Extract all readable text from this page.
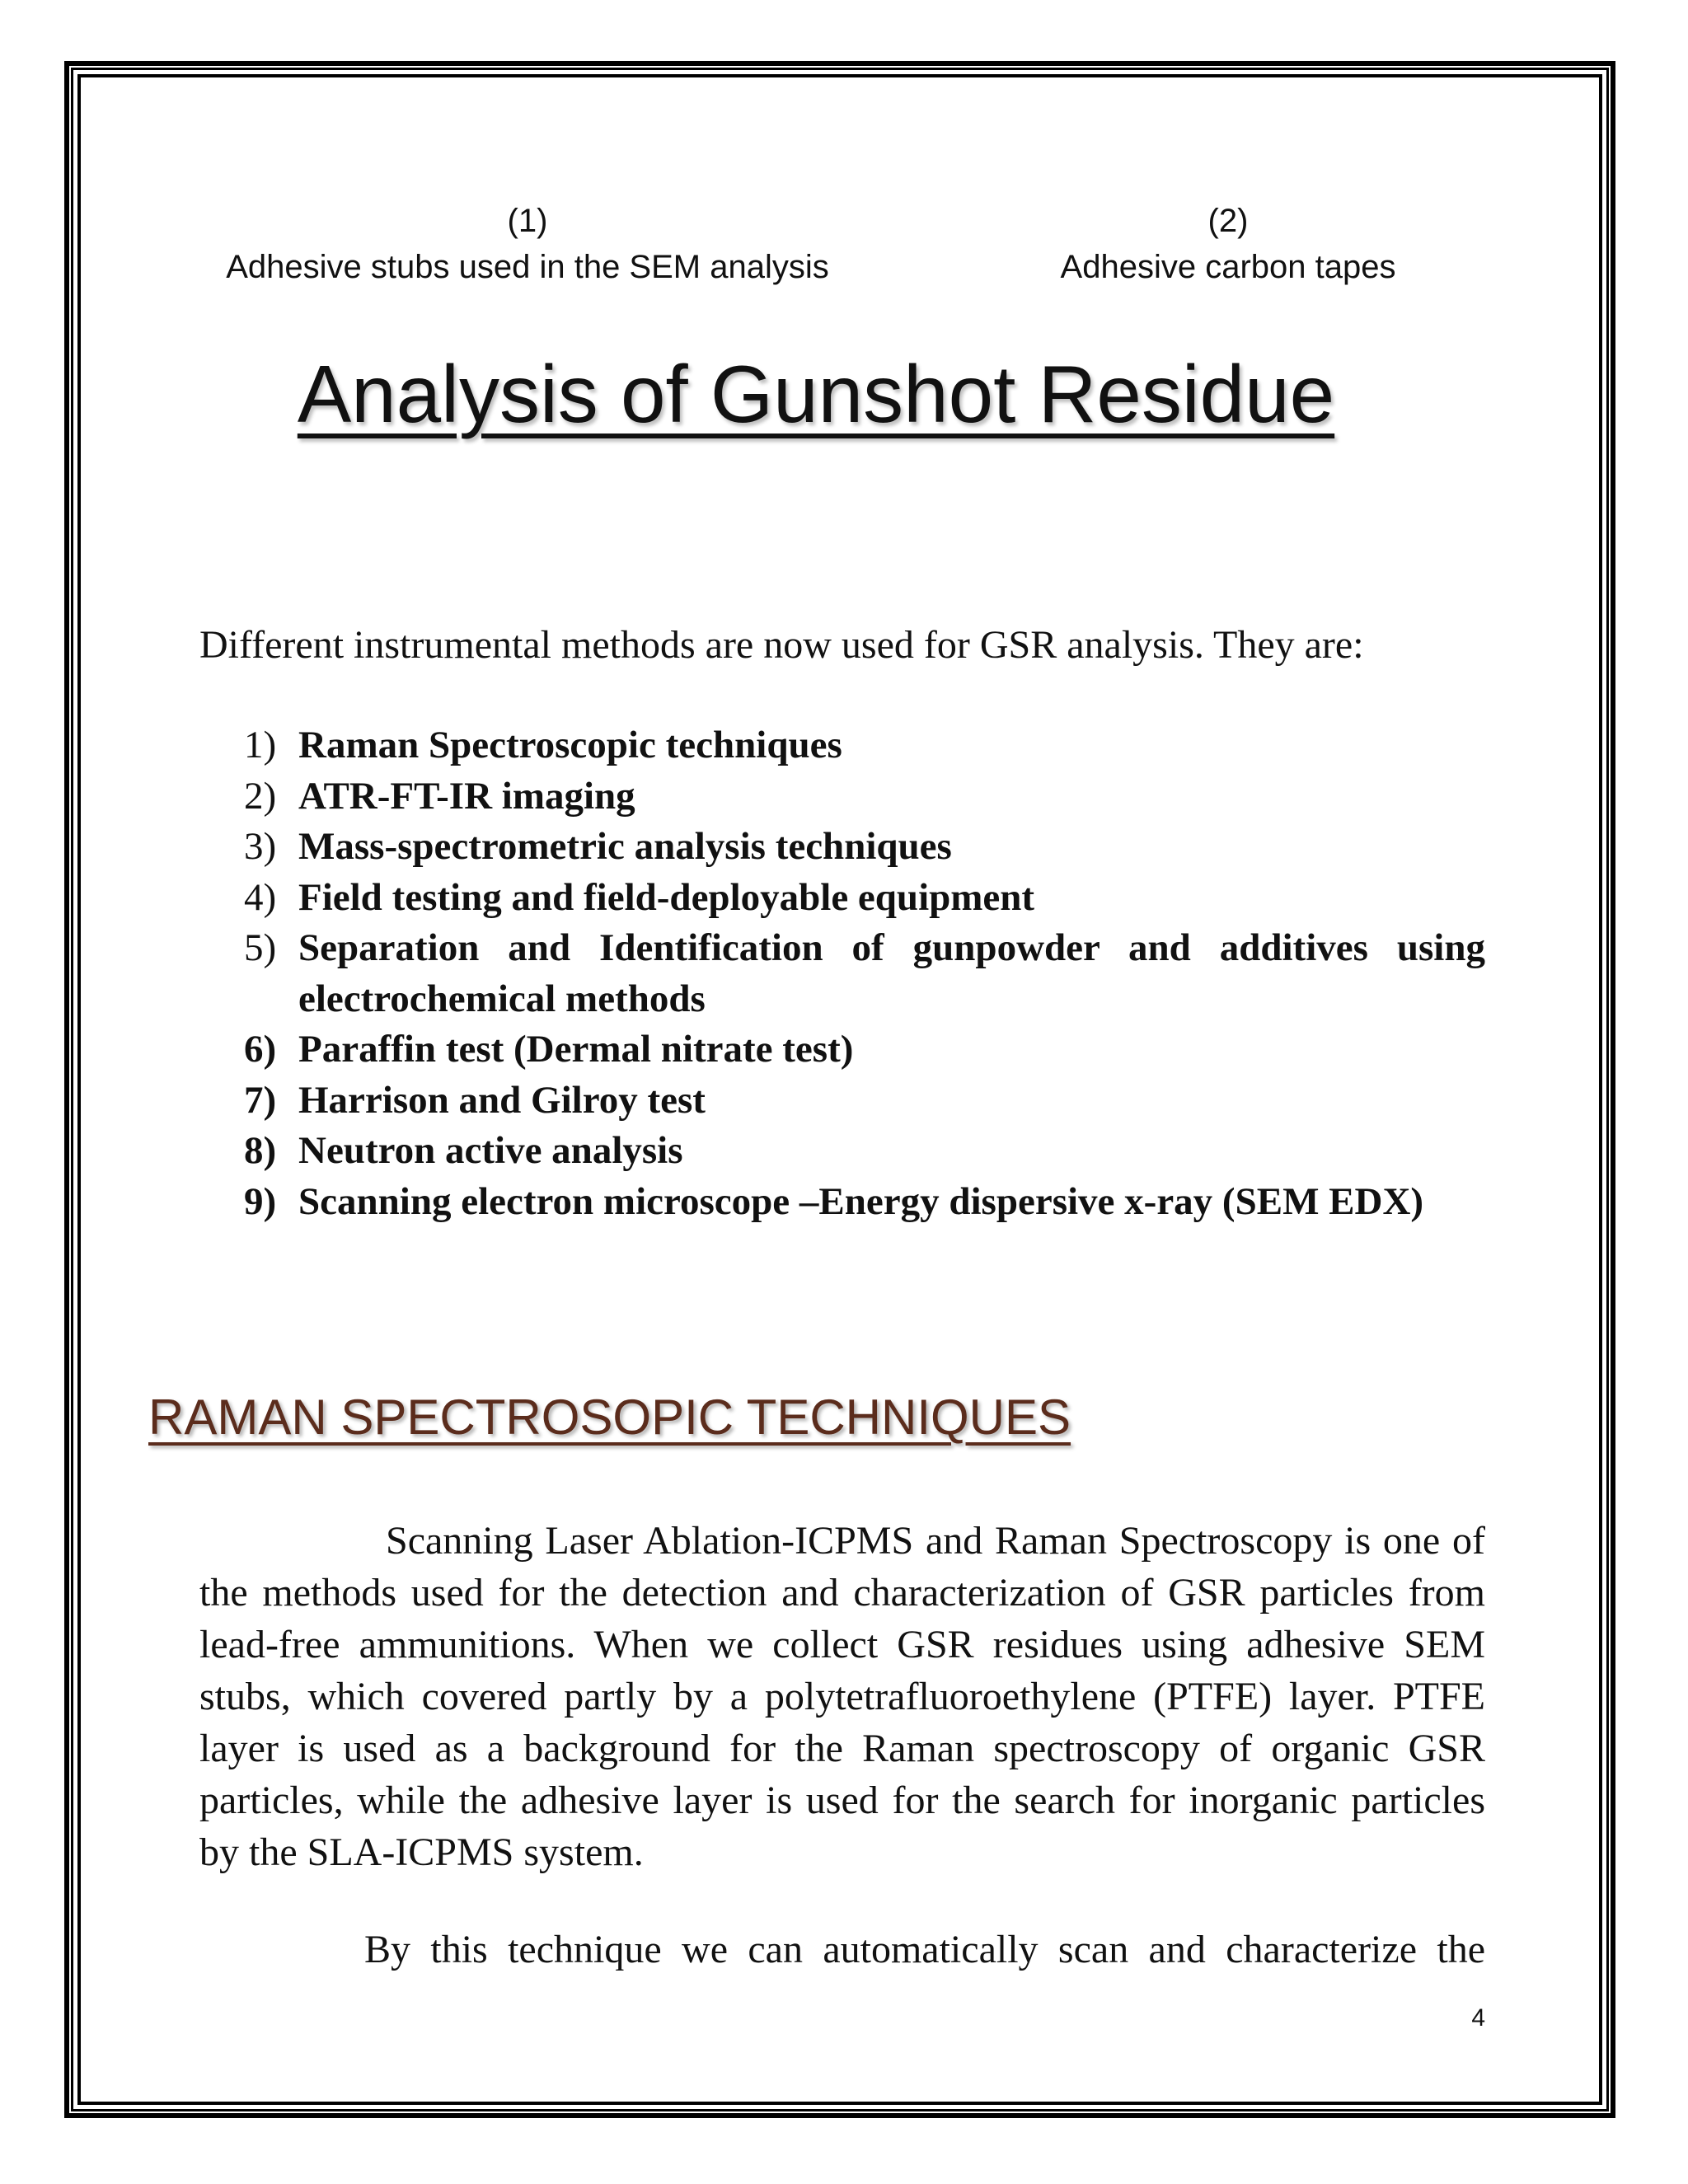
(1)
Adhesive stubs used in the SEM analysis
(2)
Adhesive carbon tapes
Analysis of Gunshot Residue

Different instrumental methods are now used for GSR analysis. They are:

1) Raman Spectroscopic techniques
2) ATR-FT-IR imaging
3) Mass-spectrometric analysis techniques
4) Field testing and field-deployable equipment
5) Separation and Identification of gunpowder and additives using electrochemical methods
6) Paraffin test (Dermal nitrate test)
7) Harrison and Gilroy test
8) Neutron active analysis
9) Scanning electron microscope –Energy dispersive x-ray (SEM EDX)
RAMAN SPECTROSOPIC TECHNIQUES

Scanning Laser Ablation-ICPMS and Raman Spectroscopy is one of the methods used for the detection and characterization of GSR particles from lead-free ammunitions. When we collect GSR residues using adhesive SEM stubs, which covered partly by a polytetrafluoroethylene (PTFE) layer. PTFE layer is used as a background for the Raman spectroscopy of organic GSR particles, while the adhesive layer is used for the search for inorganic particles by the SLA-ICPMS system.

By this technique we can automatically scan and characterize the

4
